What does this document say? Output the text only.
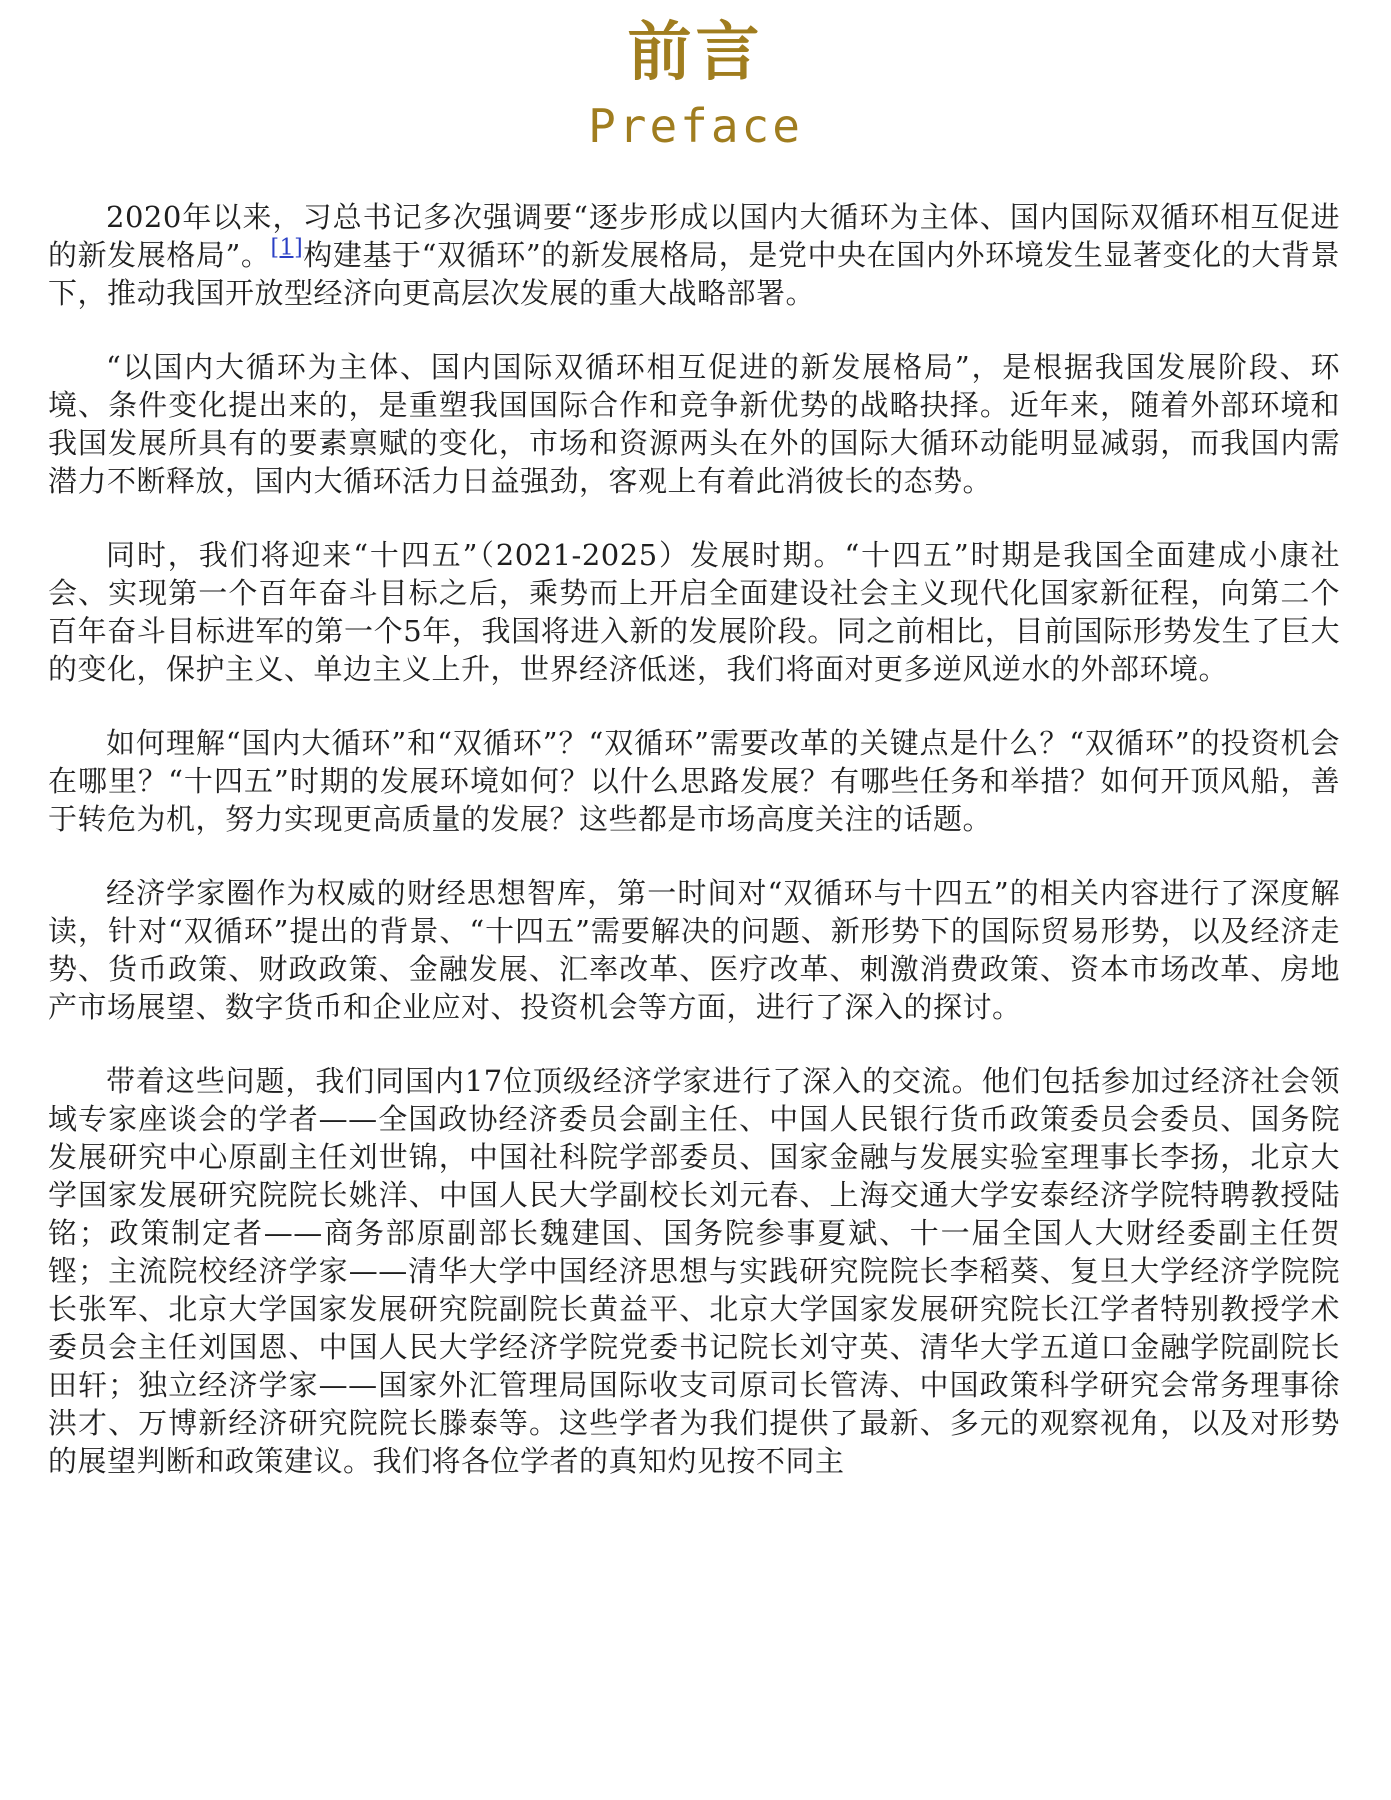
前言
Preface

2020年以来，习总书记多次强调要“逐步形成以国内大循环为主体、国内国际双循环相互促进的新发展格局”。[1]构建基于“双循环”的新发展格局，是党中央在国内外环境发生显著变化的大背景下，推动我国开放型经济向更高层次发展的重大战略部署。

“以国内大循环为主体、国内国际双循环相互促进的新发展格局”，是根据我国发展阶段、环境、条件变化提出来的，是重塑我国国际合作和竞争新优势的战略抉择。近年来，随着外部环境和我国发展所具有的要素禀赋的变化，市场和资源两头在外的国际大循环动能明显减弱，而我国内需潜力不断释放，国内大循环活力日益强劲，客观上有着此消彼长的态势。

同时，我们将迎来“十四五”（2021-2025）发展时期。“十四五”时期是我国全面建成小康社会、实现第一个百年奋斗目标之后，乘势而上开启全面建设社会主义现代化国家新征程，向第二个百年奋斗目标进军的第一个5年，我国将进入新的发展阶段。同之前相比，目前国际形势发生了巨大的变化，保护主义、单边主义上升，世界经济低迷，我们将面对更多逆风逆水的外部环境。

如何理解“国内大循环”和“双循环”？“双循环”需要改革的关键点是什么？“双循环”的投资机会在哪里？“十四五”时期的发展环境如何？以什么思路发展？有哪些任务和举措？如何开顶风船，善于转危为机，努力实现更高质量的发展？这些都是市场高度关注的话题。

经济学家圈作为权威的财经思想智库，第一时间对“双循环与十四五”的相关内容进行了深度解读，针对“双循环”提出的背景、“十四五”需要解决的问题、新形势下的国际贸易形势，以及经济走势、货币政策、财政政策、金融发展、汇率改革、医疗改革、刺激消费政策、资本市场改革、房地产市场展望、数字货币和企业应对、投资机会等方面，进行了深入的探讨。

带着这些问题，我们同国内17位顶级经济学家进行了深入的交流。他们包括参加过经济社会领域专家座谈会的学者——全国政协经济委员会副主任、中国人民银行货币政策委员会委员、国务院发展研究中心原副主任刘世锦，中国社科院学部委员、国家金融与发展实验室理事长李扬，北京大学国家发展研究院院长姚洋、中国人民大学副校长刘元春、上海交通大学安泰经济学院特聘教授陆铭；政策制定者——商务部原副部长魏建国、国务院参事夏斌、十一届全国人大财经委副主任贺铿；主流院校经济学家——清华大学中国经济思想与实践研究院院长李稻葵、复旦大学经济学院院长张军、北京大学国家发展研究院副院长黄益平、北京大学国家发展研究院长江学者特别教授学术委员会主任刘国恩、中国人民大学经济学院党委书记院长刘守英、清华大学五道口金融学院副院长田轩；独立经济学家——国家外汇管理局国际收支司原司长管涛、中国政策科学研究会常务理事徐洪才、万博新经济研究院院长滕泰等。这些学者为我们提供了最新、多元的观察视角，以及对形势的展望判断和政策建议。我们将各位学者的真知灼见按不同主
